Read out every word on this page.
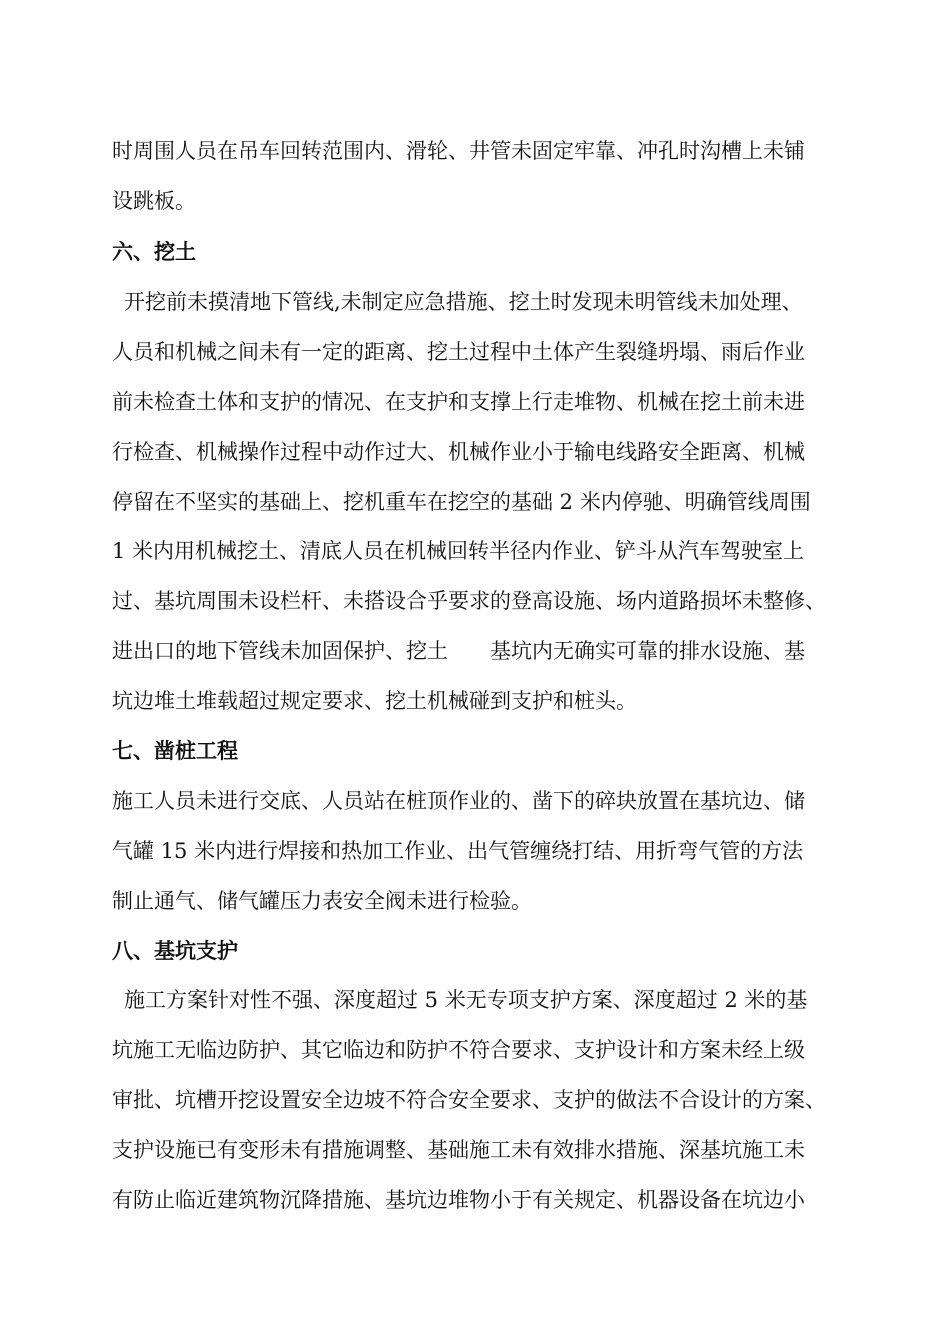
时周围人员在吊车回转范围内、滑轮、井管未固定牢靠、冲孔时沟槽上未铺
设跳板。
六、挖土
开挖前未摸清地下管线,未制定应急措施、挖土时发现未明管线未加处理、
人员和机械之间未有一定的距离、挖土过程中土体产生裂缝坍塌、雨后作业
前未检查土体和支护的情况、在支护和支撑上行走堆物、机械在挖土前未进
行检查、机械操作过程中动作过大、机械作业小于输电线路安全距离、机械
停留在不坚实的基础上、挖机重车在挖空的基础 2 米内停驰、明确管线周围
1 米内用机械挖土、清底人员在机械回转半径内作业、铲斗从汽车驾驶室上
过、基坑周围未设栏杆、未搭设合乎要求的登高设施、场内道路损坏未整修、
进出口的地下管线未加固保护、挖土　　基坑内无确实可靠的排水设施、基
坑边堆土堆载超过规定要求、挖土机械碰到支护和桩头。
七、凿桩工程
施工人员未进行交底、人员站在桩顶作业的、凿下的碎块放置在基坑边、储
气罐 15 米内进行焊接和热加工作业、出气管缠绕打结、用折弯气管的方法
制止通气、储气罐压力表安全阀未进行检验。
八、基坑支护
施工方案针对性不强、深度超过 5 米无专项支护方案、深度超过 2 米的基
坑施工无临边防护、其它临边和防护不符合要求、支护设计和方案未经上级
审批、坑槽开挖设置安全边坡不符合安全要求、支护的做法不合设计的方案、
支护设施已有变形未有措施调整、基础施工未有效排水措施、深基坑施工未
有防止临近建筑物沉降措施、基坑边堆物小于有关规定、机器设备在坑边小
